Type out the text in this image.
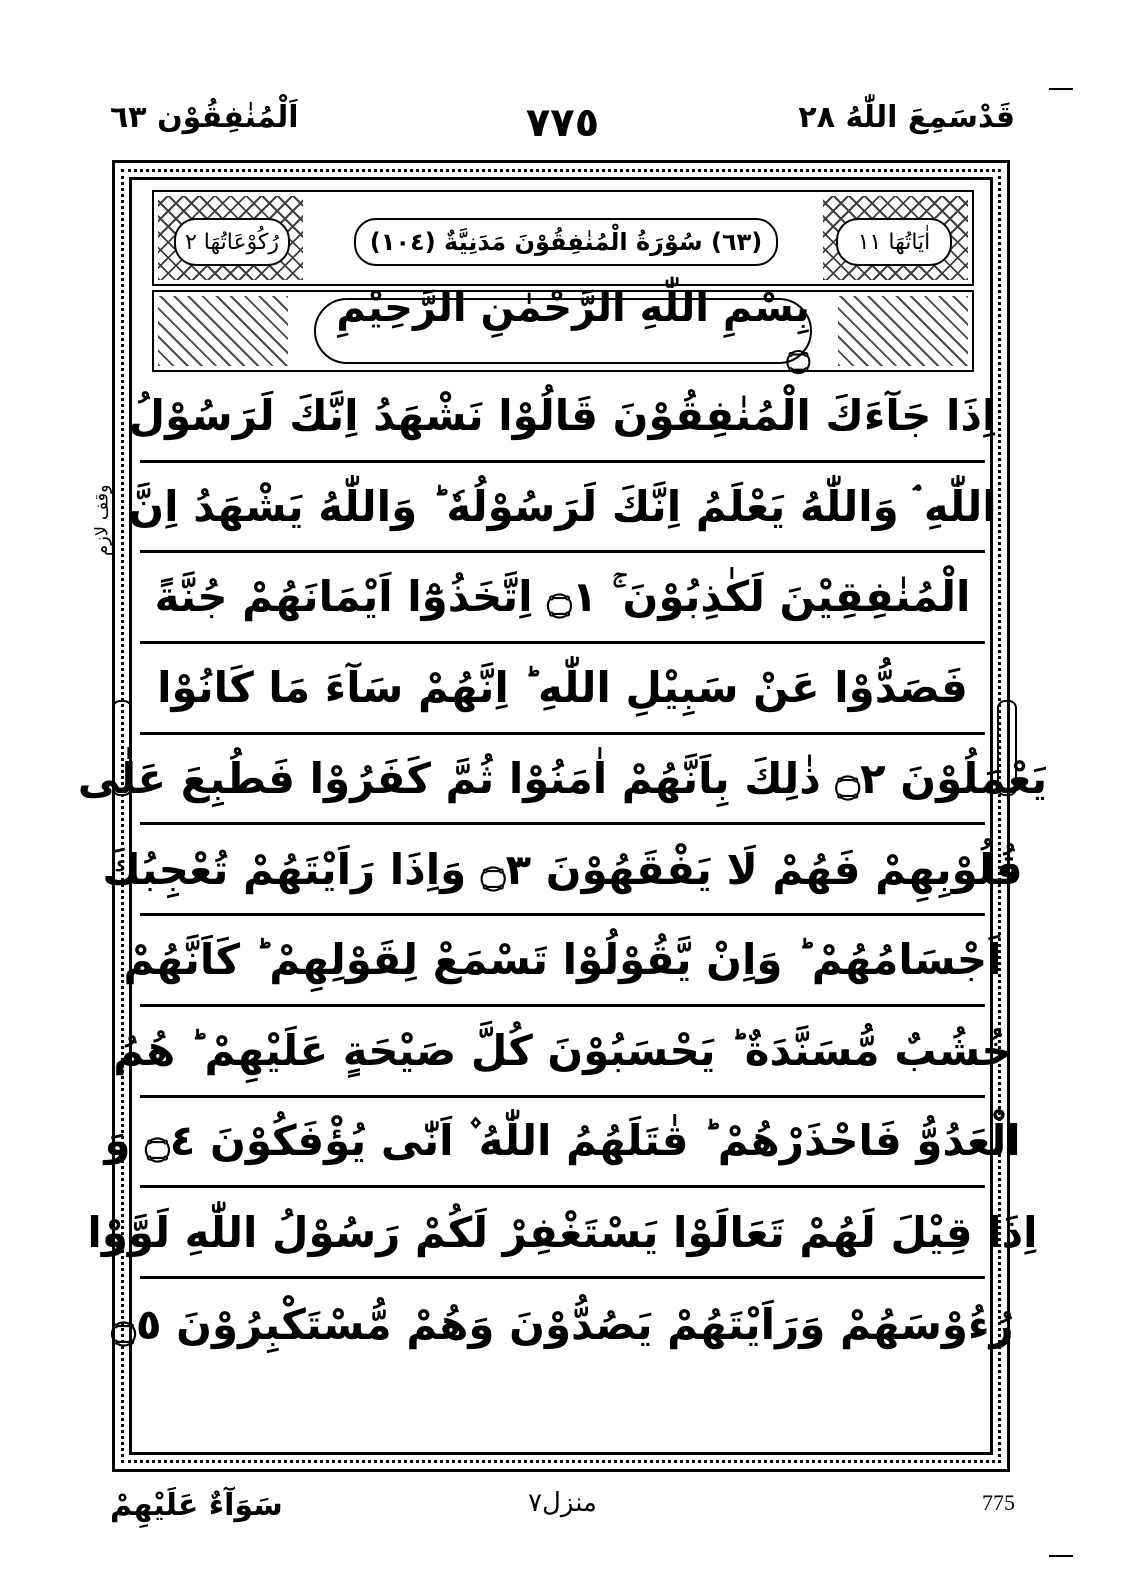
قَدْسَمِعَ اللّٰهُ ٢٨
٧٧٥
اَلْمُنٰفِقُوْن ٦٣
اٰيَاتُهَا ١١
(٦٣) سُوْرَةُ الْمُنٰفِقُوْنَ مَدَنِيَّةٌ (١٠٤)
رُكُوْعَاتُهَا ٢
بِسْمِ اللّٰهِ الرَّحْمٰنِ الرَّحِيْمِ ۝
اِذَا جَآءَكَ الْمُنٰفِقُوْنَ قَالُوْا نَشْهَدُ اِنَّكَ لَرَسُوْلُ
اللّٰهِ ۘ وَاللّٰهُ يَعْلَمُ اِنَّكَ لَرَسُوْلُهٗ ؕ وَاللّٰهُ يَشْهَدُ اِنَّ
الْمُنٰفِقِيْنَ لَكٰذِبُوْنَ ۚ ۝١ اِتَّخَذُوْٓا اَيْمَانَهُمْ جُنَّةً
فَصَدُّوْا عَنْ سَبِيْلِ اللّٰهِ ؕ اِنَّهُمْ سَآءَ مَا كَانُوْا
يَعْمَلُوْنَ ۝٢ ذٰلِكَ بِاَنَّهُمْ اٰمَنُوْا ثُمَّ كَفَرُوْا فَطُبِعَ عَلٰى
قُلُوْبِهِمْ فَهُمْ لَا يَفْقَهُوْنَ ۝٣ وَاِذَا رَاَيْتَهُمْ تُعْجِبُكَ
اَجْسَامُهُمْ ؕ وَاِنْ يَّقُوْلُوْا تَسْمَعْ لِقَوْلِهِمْ ؕ كَاَنَّهُمْ
خُشُبٌ مُّسَنَّدَةٌ ؕ يَحْسَبُوْنَ كُلَّ صَيْحَةٍ عَلَيْهِمْ ؕ هُمُ
الْعَدُوُّ فَاحْذَرْهُمْ ؕ قٰتَلَهُمُ اللّٰهُ ۫ اَنّٰى يُؤْفَكُوْنَ ۝٤ وَ
اِذَا قِيْلَ لَهُمْ تَعَالَوْا يَسْتَغْفِرْ لَكُمْ رَسُوْلُ اللّٰهِ لَوَّوْا
رُءُوْسَهُمْ وَرَاَيْتَهُمْ يَصُدُّوْنَ وَهُمْ مُّسْتَكْبِرُوْنَ ۝٥
وقف لازم
سَوَآءٌ عَلَيْهِمْ	منزل٧	775
